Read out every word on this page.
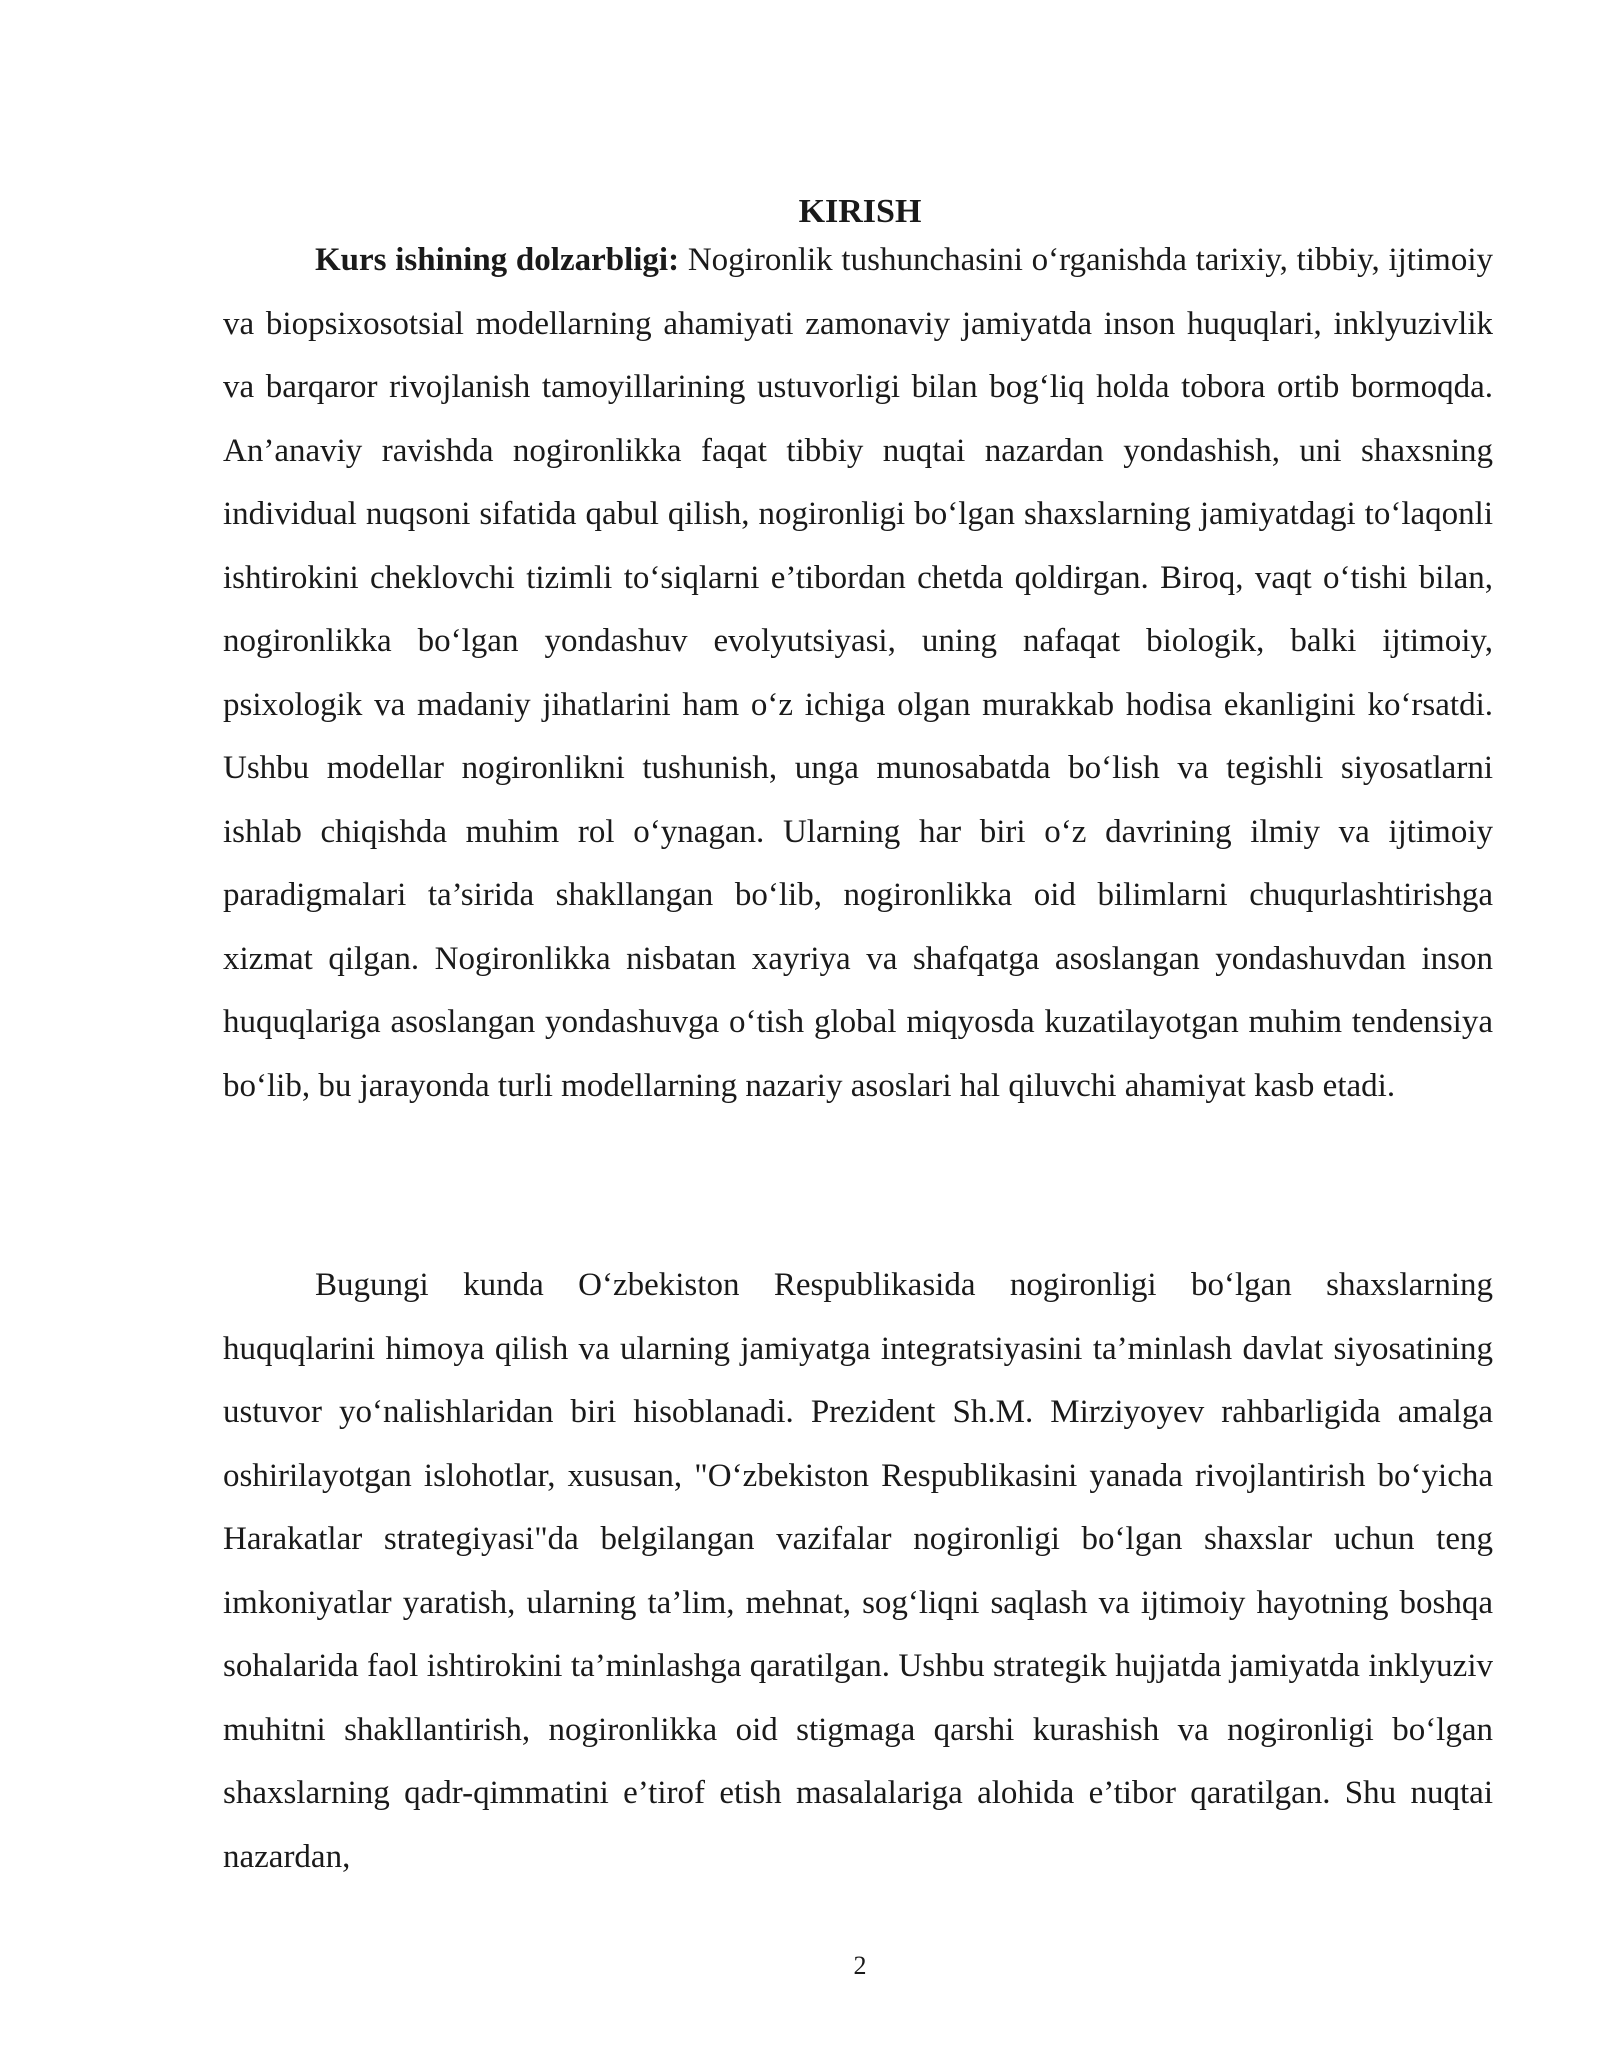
KIRISH

Kurs ishining dolzarbligi: Nogironlik tushunchasini o‘rganishda tarixiy, tibbiy, ijtimoiy va biopsixosotsial modellarning ahamiyati zamonaviy jamiyatda inson huquqlari, inklyuzivlik va barqaror rivojlanish tamoyillarining ustuvorligi bilan bog‘liq holda tobora ortib bormoqda. An’anaviy ravishda nogironlikka faqat tibbiy nuqtai nazardan yondashish, uni shaxsning individual nuqsoni sifatida qabul qilish, nogironligi bo‘lgan shaxslarning jamiyatdagi to‘laqonli ishtirokini cheklovchi tizimli to‘siqlarni e’tibordan chetda qoldirgan. Biroq, vaqt o‘tishi bilan, nogironlikka bo‘lgan yondashuv evolyutsiyasi, uning nafaqat biologik, balki ijtimoiy, psixologik va madaniy jihatlarini ham o‘z ichiga olgan murakkab hodisa ekanligini ko‘rsatdi. Ushbu modellar nogironlikni tushunish, unga munosabatda bo‘lish va tegishli siyosatlarni ishlab chiqishda muhim rol o‘ynagan. Ularning har biri o‘z davrining ilmiy va ijtimoiy paradigmalari ta’sirida shakllangan bo‘lib, nogironlikka oid bilimlarni chuqurlashtirishga xizmat qilgan. Nogironlikka nisbatan xayriya va shafqatga asoslangan yondashuvdan inson huquqlariga asoslangan yondashuvga o‘tish global miqyosda kuzatilayotgan muhim tendensiya bo‘lib, bu jarayonda turli modellarning nazariy asoslari hal qiluvchi ahamiyat kasb etadi.

Bugungi kunda O‘zbekiston Respublikasida nogironligi bo‘lgan shaxslarning huquqlarini himoya qilish va ularning jamiyatga integratsiyasini ta’minlash davlat siyosatining ustuvor yo‘nalishlaridan biri hisoblanadi. Prezident Sh.M. Mirziyoyev rahbarligida amalga oshirilayotgan islohotlar, xususan, "O‘zbekiston Respublikasini yanada rivojlantirish bo‘yicha Harakatlar strategiyasi"da belgilangan vazifalar nogironligi bo‘lgan shaxslar uchun teng imkoniyatlar yaratish, ularning ta’lim, mehnat, sog‘liqni saqlash va ijtimoiy hayotning boshqa sohalarida faol ishtirokini ta’minlashga qaratilgan. Ushbu strategik hujjatda jamiyatda inklyuziv muhitni shakllantirish, nogironlikka oid stigmaga qarshi kurashish va nogironligi bo‘lgan shaxslarning qadr-qimmatini e’tirof etish masalalariga alohida e’tibor qaratilgan. Shu nuqtai nazardan,

2
